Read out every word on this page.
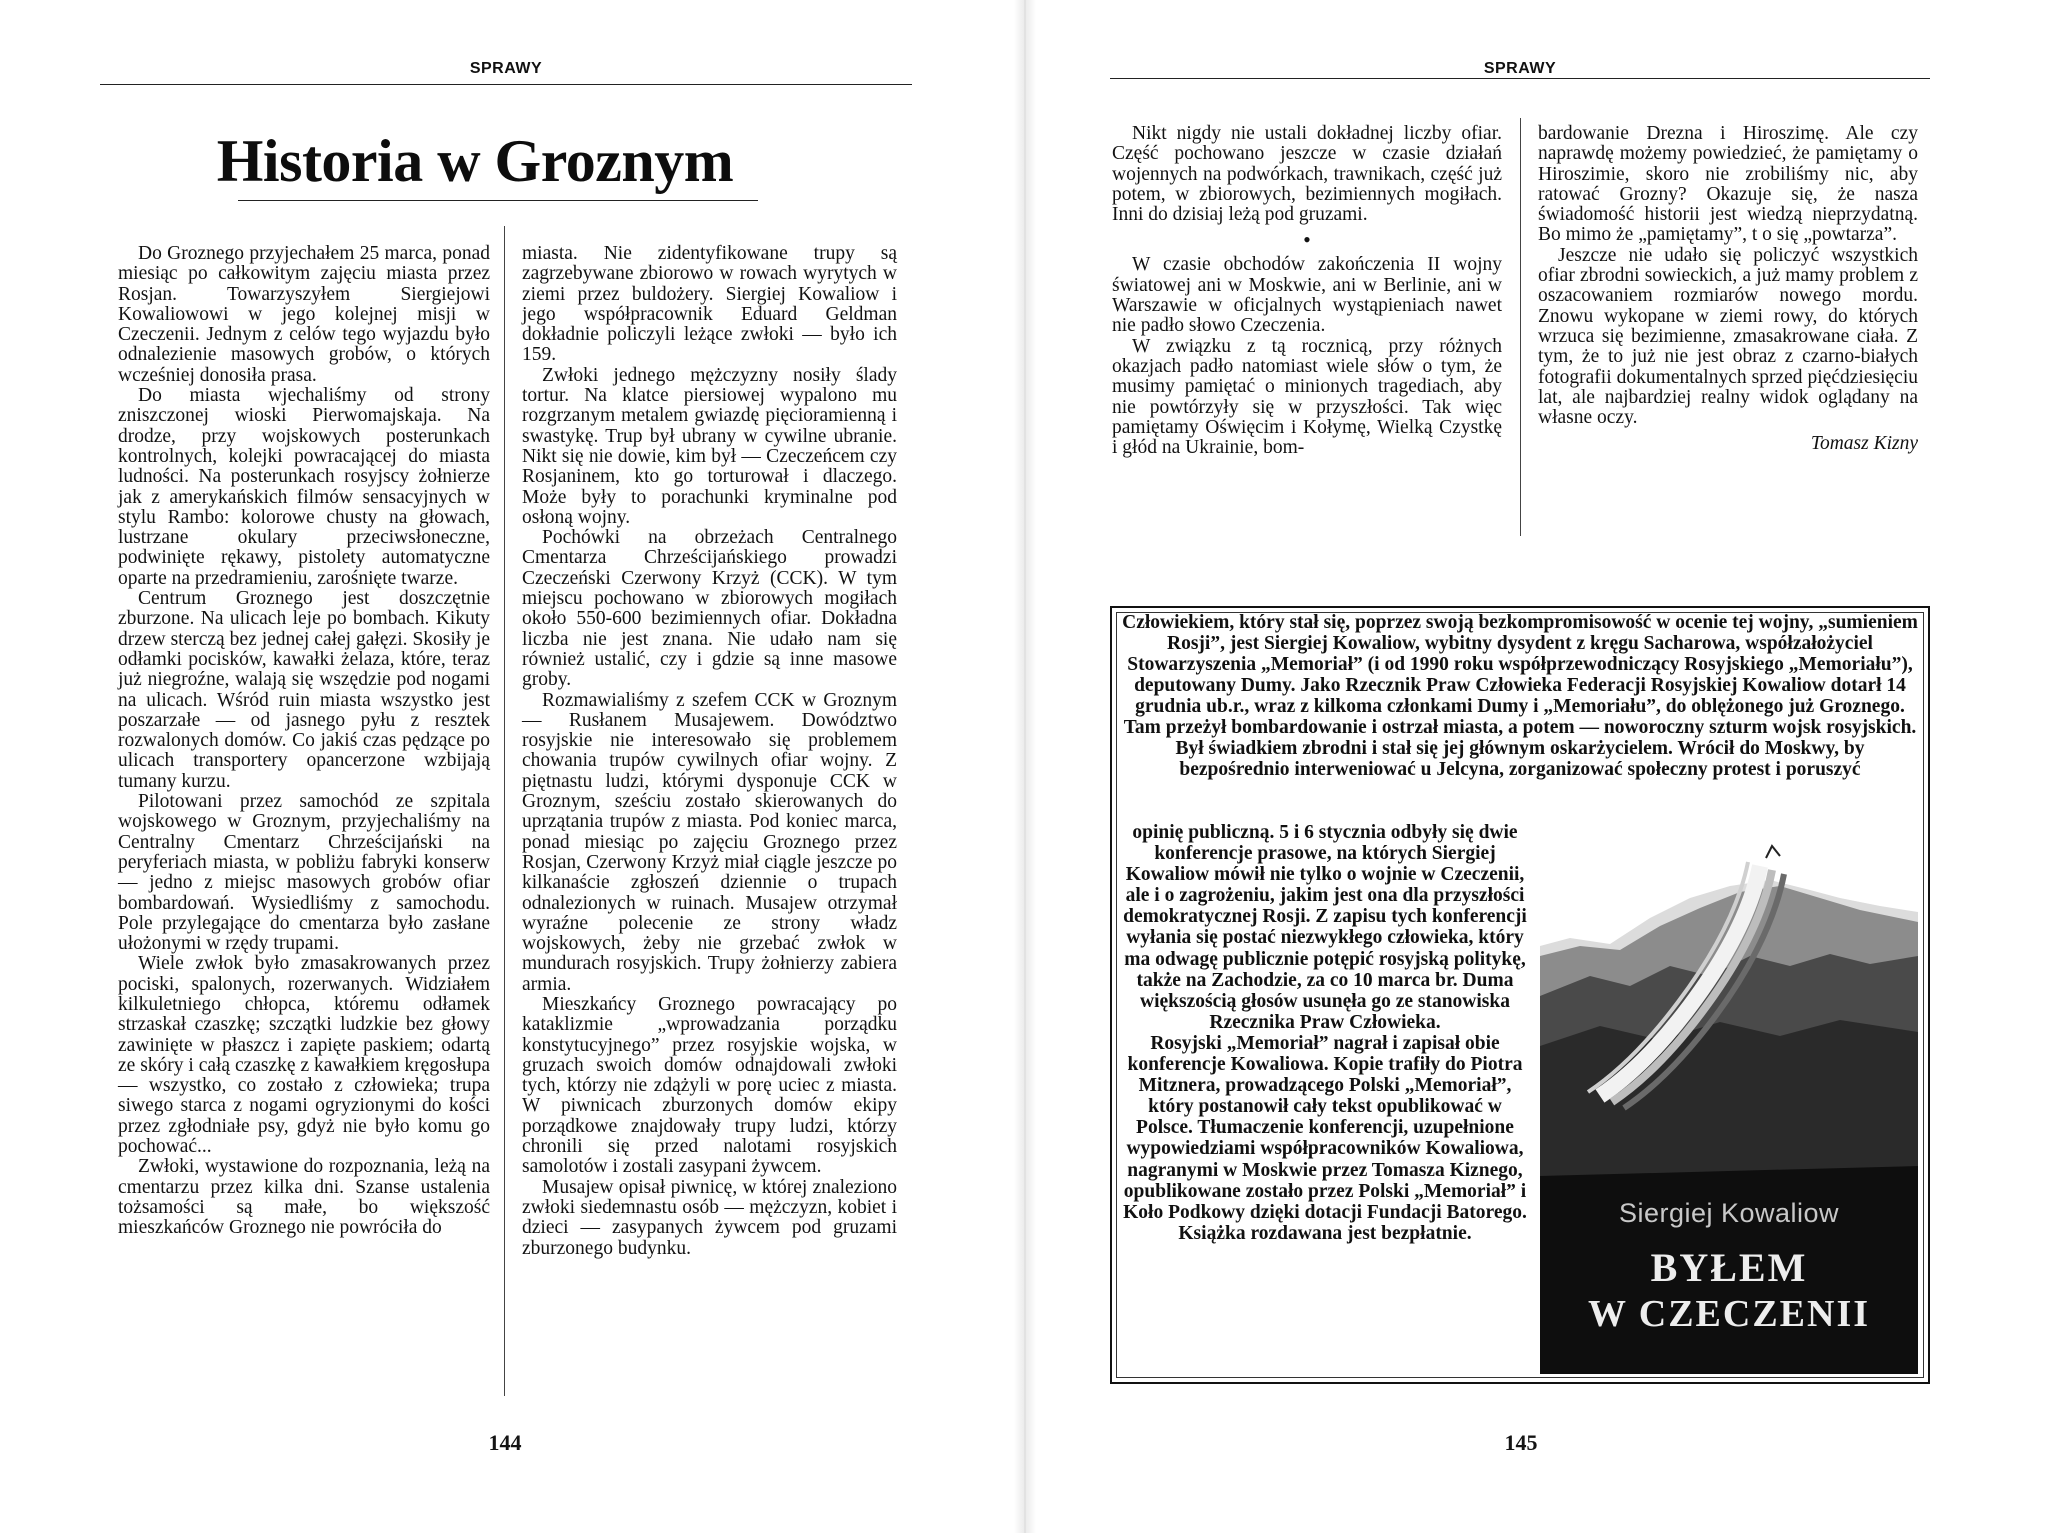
SPRAWY
Historia w Groznym

Do Groznego przyjechałem 25 marca, ponad miesiąc po całkowitym zajęciu miasta przez Rosjan. Towarzyszyłem Siergiejowi Kowaliowowi w jego kolejnej misji w Czeczenii. Jednym z celów tego wyjazdu było odnalezienie masowych grobów, o których wcześniej donosiła prasa.

Do miasta wjechaliśmy od strony zniszczonej wioski Pierwomajskaja. Na drodze, przy wojskowych posterunkach kontrolnych, kolejki powracającej do miasta ludności. Na posterunkach rosyjscy żołnierze jak z amerykańskich filmów sensacyjnych w stylu Rambo: kolorowe chusty na głowach, lustrzane okulary przeciwsłoneczne, podwinięte rękawy, pistolety automatyczne oparte na przedramieniu, zarośnięte twarze.

Centrum Groznego jest doszczętnie zburzone. Na ulicach leje po bombach. Kikuty drzew sterczą bez jednej całej gałęzi. Skosiły je odłamki pocisków, kawałki żelaza, które, teraz już niegroźne, walają się wszędzie pod nogami na ulicach. Wśród ruin miasta wszystko jest poszarzałe — od jasnego pyłu z resztek rozwalonych domów. Co jakiś czas pędzące po ulicach transportery opancerzone wzbijają tumany kurzu.

Pilotowani przez samochód ze szpitala wojskowego w Groznym, przyjechaliśmy na Centralny Cmentarz Chrześcijański na peryferiach miasta, w pobliżu fabryki konserw — jedno z miejsc masowych grobów ofiar bombardowań. Wysiedliśmy z samochodu. Pole przylegające do cmentarza było zasłane ułożonymi w rzędy trupami.

Wiele zwłok było zmasakrowanych przez pociski, spalonych, rozerwanych. Widziałem kilkuletniego chłopca, któremu odłamek strzaskał czaszkę; szczątki ludzkie bez głowy zawinięte w płaszcz i zapięte paskiem; odartą ze skóry i całą czaszkę z kawałkiem kręgosłupa — wszystko, co zostało z człowieka; trupa siwego starca z nogami ogryzionymi do kości przez zgłodniałe psy, gdyż nie było komu go pochować...

Zwłoki, wystawione do rozpoznania, leżą na cmentarzu przez kilka dni. Szanse ustalenia tożsamości są małe, bo większość mieszkańców Groznego nie powróciła do

miasta. Nie zidentyfikowane trupy są zagrzebywane zbiorowo w rowach wyrytych w ziemi przez buldożery. Siergiej Kowaliow i jego współpracownik Eduard Geldman dokładnie policzyli leżące zwłoki — było ich 159.

Zwłoki jednego mężczyzny nosiły ślady tortur. Na klatce piersiowej wypalono mu rozgrzanym metalem gwiazdę pięcioramienną i swastykę. Trup był ubrany w cywilne ubranie. Nikt się nie dowie, kim był — Czeczeńcem czy Rosjaninem, kto go torturował i dlaczego. Może były to porachunki kryminalne pod osłoną wojny.

Pochówki na obrzeżach Centralnego Cmentarza Chrześcijańskiego prowadzi Czeczeński Czerwony Krzyż (CCK). W tym miejscu pochowano w zbiorowych mogiłach około 550-600 bezimiennych ofiar. Dokładna liczba nie jest znana. Nie udało nam się również ustalić, czy i gdzie są inne masowe groby.

Rozmawialiśmy z szefem CCK w Groznym — Rusłanem Musajewem. Dowództwo rosyjskie nie interesowało się problemem chowania trupów cywilnych ofiar wojny. Z piętnastu ludzi, którymi dysponuje CCK w Groznym, sześciu zostało skierowanych do uprzątania trupów z miasta. Pod koniec marca, ponad miesiąc po zajęciu Groznego przez Rosjan, Czerwony Krzyż miał ciągle jeszcze po kilkanaście zgłoszeń dziennie o trupach odnalezionych w ruinach. Musajew otrzymał wyraźne polecenie ze strony władz wojskowych, żeby nie grzebać zwłok w mundurach rosyjskich. Trupy żołnierzy zabiera armia.

Mieszkańcy Groznego powracający po kataklizmie „wprowadzania porządku konstytucyjnego” przez rosyjskie wojska, w gruzach swoich domów odnajdowali zwłoki tych, którzy nie zdążyli w porę uciec z miasta. W piwnicach zburzonych domów ekipy porządkowe znajdowały trupy ludzi, którzy chronili się przed nalotami rosyjskich samolotów i zostali zasypani żywcem.

Musajew opisał piwnicę, w której znaleziono zwłoki siedemnastu osób — mężczyzn, kobiet i dzieci — zasypanych żywcem pod gruzami zburzonego budynku.

144
SPRAWY

Nikt nigdy nie ustali dokładnej liczby ofiar. Część pochowano jeszcze w czasie działań wojennych na podwórkach, trawnikach, część już potem, w zbiorowych, bezimiennych mogiłach. Inni do dzisiaj leżą pod gruzami.

•

W czasie obchodów zakończenia II wojny światowej ani w Moskwie, ani w Berlinie, ani w Warszawie w oficjalnych wystąpieniach nawet nie padło słowo Czeczenia.

W związku z tą rocznicą, przy różnych okazjach padło natomiast wiele słów o tym, że musimy pamiętać o minionych tragediach, aby nie powtórzyły się w przyszłości. Tak więc pamiętamy Oświęcim i Kołymę, Wielką Czystkę i głód na Ukrainie, bom-

bardowanie Drezna i Hiroszimę. Ale czy naprawdę możemy powiedzieć, że pamiętamy o Hiroszimie, skoro nie zrobiliśmy nic, aby ratować Grozny? Okazuje się, że nasza świadomość historii jest wiedzą nieprzydatną. Bo mimo że „pamiętamy”, t o się „powtarza”.

Jeszcze nie udało się policzyć wszystkich ofiar zbrodni sowieckich, a już mamy problem z oszacowaniem rozmiarów nowego mordu. Znowu wykopane w ziemi rowy, do których wrzuca się bezimienne, zmasakrowane ciała. Z tym, że to już nie jest obraz z czarno-białych fotografii dokumentalnych sprzed pięćdziesięciu lat, ale najbardziej realny widok oglądany na własne oczy.

Tomasz Kizny

Człowiekiem, który stał się, poprzez swoją bezkompromisowość w ocenie tej wojny, „sumieniem Rosji”, jest Siergiej Kowaliow, wybitny dysydent z kręgu Sacharowa, współzałożyciel Stowarzyszenia „Memoriał” (i od 1990 roku współprzewodniczący Rosyjskiego „Memoriału”), deputowany Dumy. Jako Rzecznik Praw Człowieka Federacji Rosyjskiej Kowaliow dotarł 14 grudnia ub.r., wraz z kilkoma członkami Dumy i „Memoriału”, do oblężonego już Groznego. Tam przeżył bombardowanie i ostrzał miasta, a potem — noworoczny szturm wojsk rosyjskich. Był świadkiem zbrodni i stał się jej głównym oskarżycielem. Wrócił do Moskwy, by bezpośrednio interweniować u Jelcyna, zorganizować społeczny protest i poruszyć

opinię publiczną. 5 i 6 stycznia odbyły się dwie konferencje prasowe, na których Siergiej Kowaliow mówił nie tylko o wojnie w Czeczenii, ale i o zagrożeniu, jakim jest ona dla przyszłości demokratycznej Rosji. Z zapisu tych konferencji wyłania się postać niezwykłego człowieka, który ma odwagę publicznie potępić rosyjską politykę, także na Zachodzie, za co 10 marca br. Duma większością głosów usunęła go ze stanowiska Rzecznika Praw Człowieka.

Rosyjski „Memoriał” nagrał i zapisał obie konferencje Kowaliowa. Kopie trafiły do Piotra Mitznera, prowadzącego Polski „Memoriał”, który postanowił cały tekst opublikować w Polsce. Tłumaczenie konferencji, uzupełnione wypowiedziami współpracowników Kowaliowa, nagranymi w Moskwie przez Tomasza Kiznego, opublikowane zostało przez Polski „Memoriał” i Koło Podkowy dzięki dotacji Fundacji Batorego. Książka rozdawana jest bezpłatnie.

Siergiej Kowaliow
BYŁEM
W CZECZENII
145
